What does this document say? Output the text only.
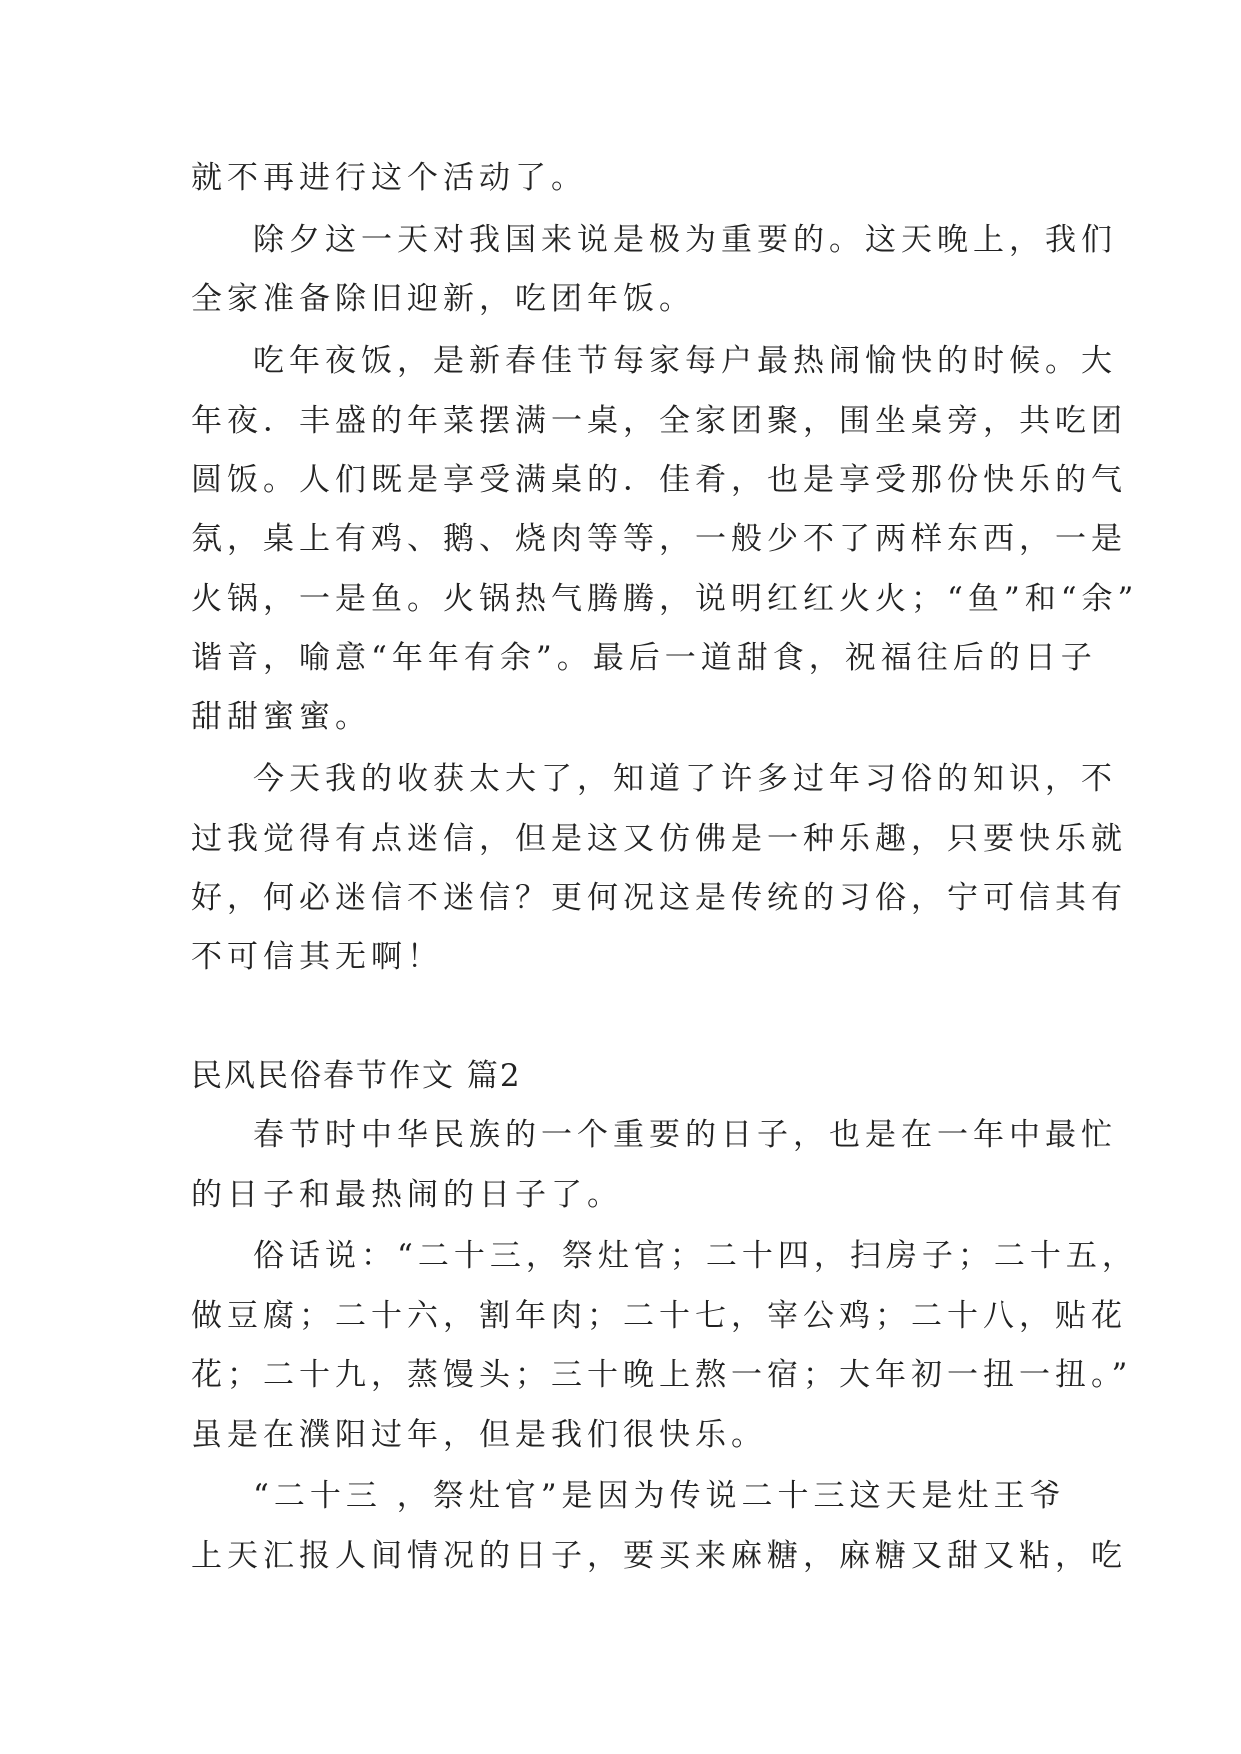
就不再进行这个活动了。
除夕这一天对我国来说是极为重要的。这天晚上，我们
全家准备除旧迎新，吃团年饭。
吃年夜饭，是新春佳节每家每户最热闹愉快的时候。大
年夜．丰盛的年菜摆满一桌，全家团聚，围坐桌旁，共吃团
圆饭。人们既是享受满桌的．佳肴，也是享受那份快乐的气
氛，桌上有鸡、鹅、烧肉等等，一般少不了两样东西，一是
火锅，一是鱼。火锅热气腾腾，说明红红火火；“鱼”和“余”
谐音，喻意“年年有余”。最后一道甜食，祝福往后的日子
甜甜蜜蜜。
今天我的收获太大了，知道了许多过年习俗的知识，不
过我觉得有点迷信，但是这又仿佛是一种乐趣，只要快乐就
好，何必迷信不迷信？更何况这是传统的习俗，宁可信其有
不可信其无啊！
民风民俗春节作文 篇2
春节时中华民族的一个重要的日子，也是在一年中最忙
的日子和最热闹的日子了。
俗话说：“二十三，祭灶官；二十四，扫房子；二十五，
做豆腐；二十六，割年肉；二十七，宰公鸡；二十八，贴花
花；二十九，蒸馒头；三十晚上熬一宿；大年初一扭一扭。”
虽是在濮阳过年，但是我们很快乐。
“二十三 ，祭灶官”是因为传说二十三这天是灶王爷
上天汇报人间情况的日子，要买来麻糖，麻糖又甜又粘，吃
